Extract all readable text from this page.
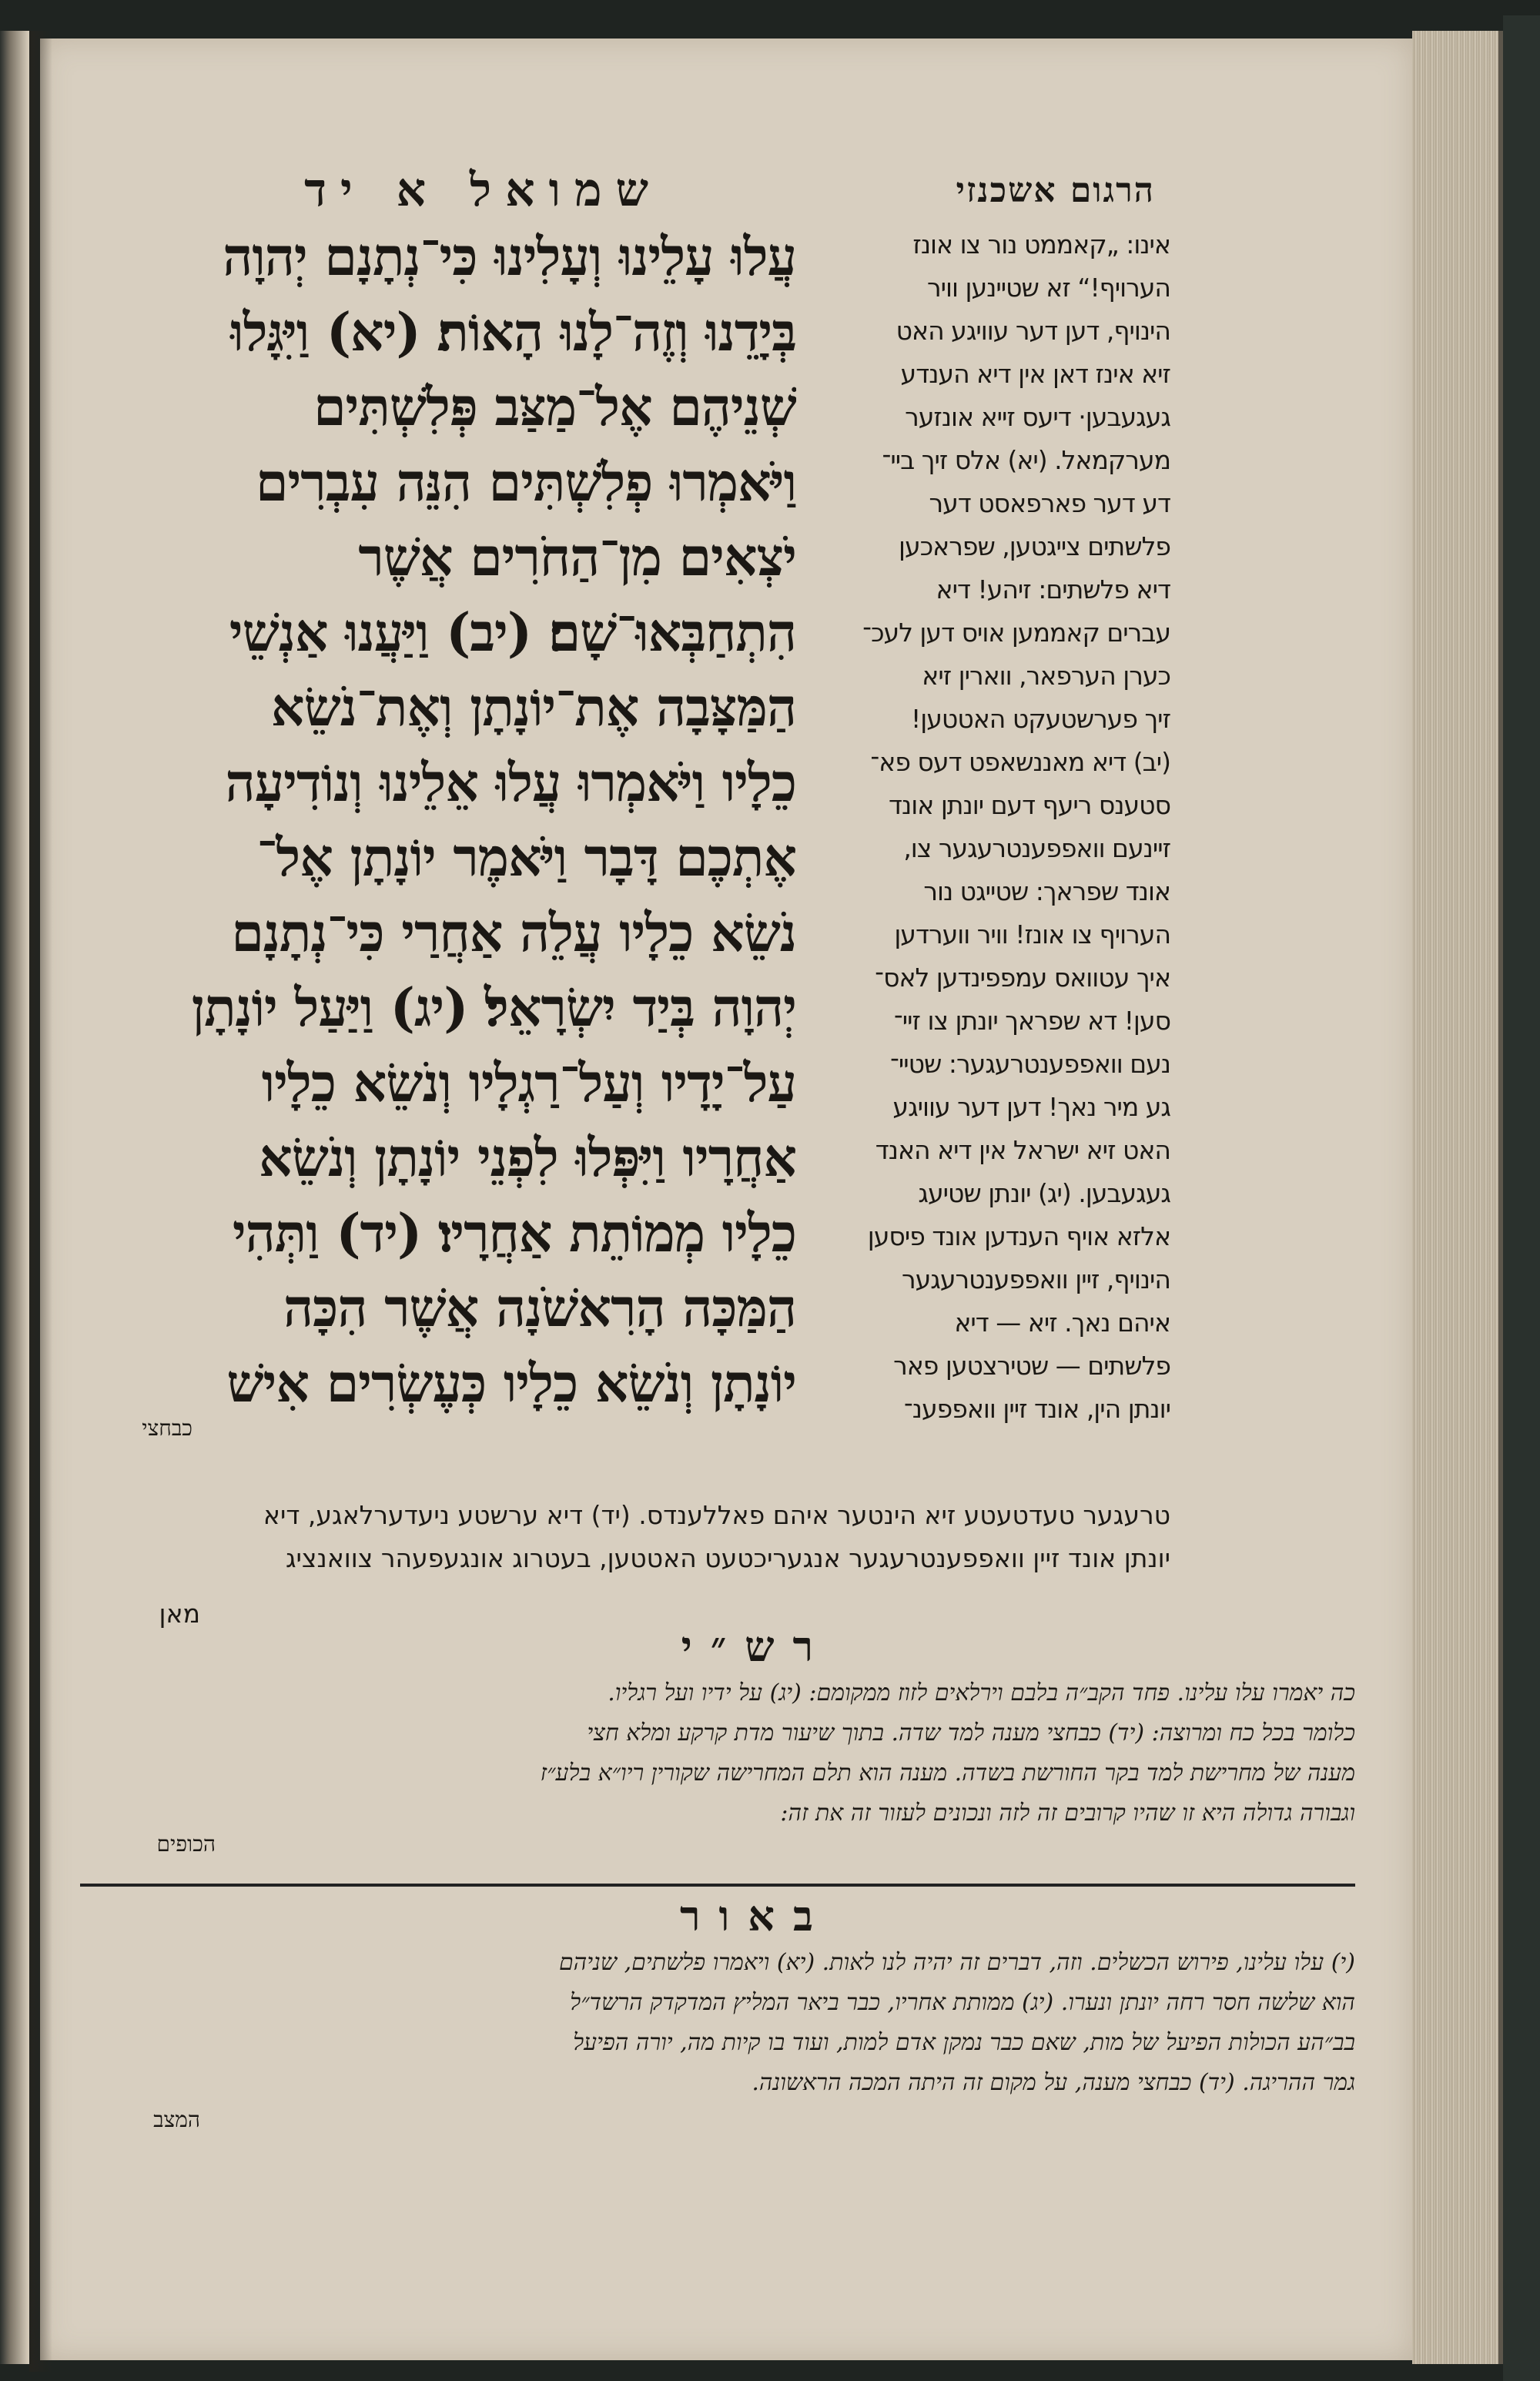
שמואל א יד	הרגום אשכנזי
עֲלוּ עָלֵינוּ וְעָלִינוּ כִּי־נְתָנָם יְהוָה
בְּיָדֵנוּ וְזֶה־לָנוּ הָאוֹת׃ (יא) וַיִּגָּלוּ
שְׁנֵיהֶם אֶל־מַצַּב פְּלִשְׁתִּים
וַיֹּאמְרוּ פְלִשְׁתִּים הִנֵּה עִבְרִים
יֹצְאִים מִן־הַחֹרִים אֲשֶׁר
הִתְחַבְּאוּ־שָׁם׃ (יב) וַיַּעֲנוּ אַנְשֵׁי
הַמַּצָּבָה אֶת־יוֹנָתָן וְאֶת־נֹשֵׂא
כֵלָיו וַיֹּאמְרוּ עֲלוּ אֵלֵינוּ וְנוֹדִיעָה
אֶתְכֶם דָּבָר וַיֹּאמֶר יוֹנָתָן אֶל־
נֹשֵׂא כֵלָיו עֲלֵה אַחֲרַי כִּי־נְתָנָם
יְהוָה בְּיַד יִשְׂרָאֵל׃ (יג) וַיַּעַל יוֹנָתָן
עַל־יָדָיו וְעַל־רַגְלָיו וְנֹשֵׂא כֵלָיו
אַחֲרָיו וַיִּפְּלוּ לִפְנֵי יוֹנָתָן וְנֹשֵׂא
כֵלָיו מְמוֹתֵת אַחֲרָיו׃ (יד) וַתְּהִי
הַמַּכָּה הָרִאשֹׁנָה אֲשֶׁר הִכָּה
יוֹנָתָן וְנֹשֵׂא כֵלָיו כְּעֶשְׂרִים אִישׁ
כבחצי
אינו: „קאממט נור צו אונז
הערויף!“ זא שטיינען וויר
הינויף, דען דער עוויגע האט
זיא אינז דאן אין דיא הענדע
געגעבען· דיעס זייא אונזער
מערקמאל. (יא) אלס זיך ביי־
דע דער פארפאסט דער
פלשתים צייגטען, שפראכען
דיא פלשתים: זיהע! דיא
עברים קאממען אויס דען לעכ־
כערן הערפאר, ווארין זיא
זיך פערשטעקט האטטען!
(יב) דיא מאננשאפט דעס פא־
סטענס ריעף דעם יונתן אונד
זיינעם וואפפענטרעגער צו,
אונד שפראך: שטייגט נור
הערויף צו אונז! וויר ווערדען
איך עטוואס עמפפינדען לאס־
סען! דא שפראך יונתן צו זיי־
נעם וואפפענטרעגער: שטיי־
גע מיר נאך! דען דער עוויגע
האט זיא ישראל אין דיא האנד
געגעבען. (יג) יונתן שטיעג
אלזא אויף הענדען אונד פיסען
הינויף, זיין וואפפענטרעגער
איהם נאך. זיא — דיא
פלשתים — שטירצטען פאר
יונתן הין, אונד זיין וואפפענ־
טרעגער טעדטעטע זיא הינטער איהם פאללענדס. (יד) דיא ערשטע ניעדערלאגע, דיא
יונתן אונד זיין וואפפענטרעגער אנגעריכטעט האטטען, בעטרוג אונגעפעהר צוואנציג
מאן
רש״י
כה יאמרו עלו עלינו. פחד הקב״ה בלבם וירלאים לזוז ממקומם: (יג) על ידיו ועל רגליו.
כלומר בכל כח ומרוצה: (יד) כבחצי מענה למד שדה. בתוך שיעור מדת קרקע ומלא חצי
מענה של מחרישת למד בקר החורשת בשדה. מענה הוא תלם המחרישה שקורין ריו״א בלע״ז
וגבורה גדולה היא זו שהיו קרובים זה לזה ונכונים לעזור זה את זה:
הכופים
באור
(י) עלו עלינו, פירוש הכשלים. וזה, דברים זה יהיה לנו לאות. (יא) ויאמרו פלשתים, שניהם
הוא שלשה חסר רחה יונתן ונערו. (יג) ממותת אחריו, כבר ביאר המליץ המדקדק הרשד״ל
בב״הע הכולות הפיעל של מות, שאם כבר נמקן אדם למות, ועוד בו קיות מה, יורה הפיעל
גמר ההריגה. (יד) כבחצי מענה, על מקום זה היתה המכה הראשונה.
המצב
